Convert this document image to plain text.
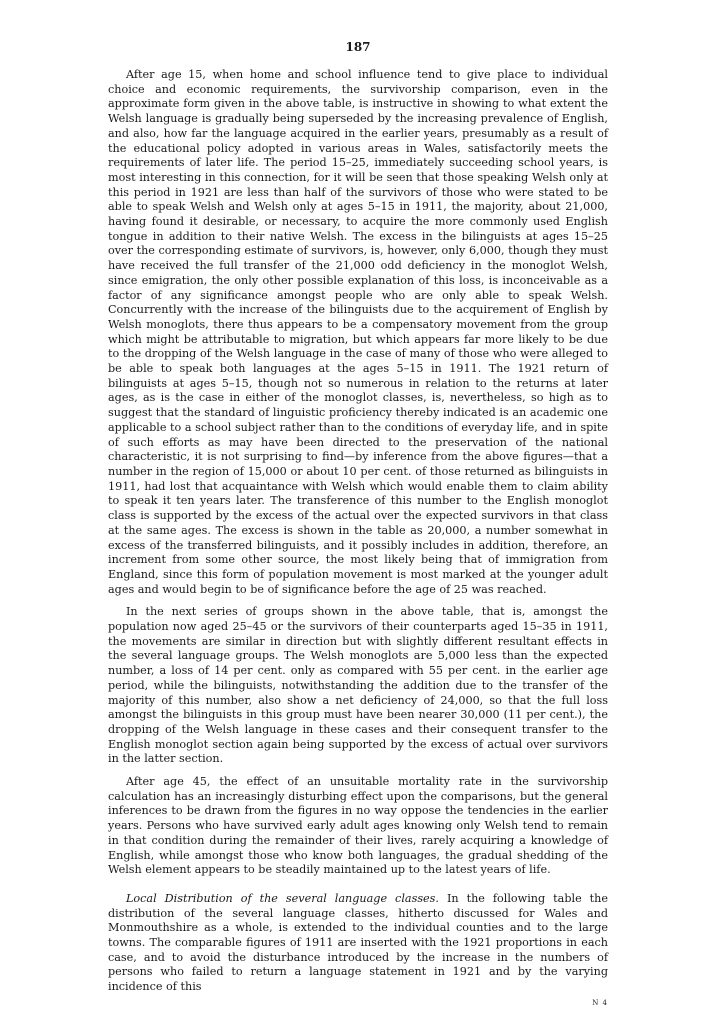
187

After age 15, when home and school influence tend to give place to individual choice and economic requirements, the survivorship comparison, even in the approximate form given in the above table, is instructive in showing to what extent the Welsh language is gradually being superseded by the increasing prevalence of English, and also, how far the language acquired in the earlier years, presumably as a result of the educational policy adopted in various areas in Wales, satisfactorily meets the requirements of later life. The period 15–25, immediately succeeding school years, is most interesting in this connection, for it will be seen that those speaking Welsh only at this period in 1921 are less than half of the survivors of those who were stated to be able to speak Welsh and Welsh only at ages 5–15 in 1911, the majority, about 21,000, having found it desirable, or necessary, to acquire the more commonly used English tongue in addition to their native Welsh. The excess in the bilinguists at ages 15–25 over the corresponding estimate of survivors, is, however, only 6,000, though they must have received the full transfer of the 21,000 odd deficiency in the monoglot Welsh, since emigration, the only other possible explanation of this loss, is inconceivable as a factor of any significance amongst people who are only able to speak Welsh. Concurrently with the increase of the bilinguists due to the acquirement of English by Welsh monoglots, there thus appears to be a compensatory movement from the group which might be attributable to migration, but which appears far more likely to be due to the dropping of the Welsh language in the case of many of those who were alleged to be able to speak both languages at the ages 5–15 in 1911. The 1921 return of bilinguists at ages 5–15, though not so numerous in relation to the returns at later ages, as is the case in either of the monoglot classes, is, nevertheless, so high as to suggest that the standard of linguistic proficiency thereby indicated is an academic one applicable to a school subject rather than to the conditions of everyday life, and in spite of such efforts as may have been directed to the preservation of the national characteristic, it is not surprising to find—by inference from the above figures—that a number in the region of 15,000 or about 10 per cent. of those returned as bilinguists in 1911, had lost that acquaintance with Welsh which would enable them to claim ability to speak it ten years later. The transference of this number to the English monoglot class is supported by the excess of the actual over the expected survivors in that class at the same ages. The excess is shown in the table as 20,000, a number somewhat in excess of the transferred bilinguists, and it possibly includes in addition, therefore, an increment from some other source, the most likely being that of immigration from England, since this form of population movement is most marked at the younger adult ages and would begin to be of significance before the age of 25 was reached.

In the next series of groups shown in the above table, that is, amongst the population now aged 25–45 or the survivors of their counterparts aged 15–35 in 1911, the movements are similar in direction but with slightly different resultant effects in the several language groups. The Welsh monoglots are 5,000 less than the expected number, a loss of 14 per cent. only as compared with 55 per cent. in the earlier age period, while the bilinguists, notwithstanding the addition due to the transfer of the majority of this number, also show a net deficiency of 24,000, so that the full loss amongst the bilinguists in this group must have been nearer 30,000 (11 per cent.), the dropping of the Welsh language in these cases and their consequent transfer to the English monoglot section again being supported by the excess of actual over survivors in the latter section.

After age 45, the effect of an unsuitable mortality rate in the survivorship calculation has an increasingly disturbing effect upon the comparisons, but the general inferences to be drawn from the figures in no way oppose the tendencies in the earlier years. Persons who have survived early adult ages knowing only Welsh tend to remain in that condition during the remainder of their lives, rarely acquiring a knowledge of English, while amongst those who know both languages, the gradual shedding of the Welsh element appears to be steadily maintained up to the latest years of life.

Local Distribution of the several language classes. In the following table the distribution of the several language classes, hitherto discussed for Wales and Monmouthshire as a whole, is extended to the individual counties and to the large towns. The comparable figures of 1911 are inserted with the 1921 proportions in each case, and to avoid the disturbance introduced by the increase in the numbers of persons who failed to return a language statement in 1921 and by the varying incidence of this

N 4
